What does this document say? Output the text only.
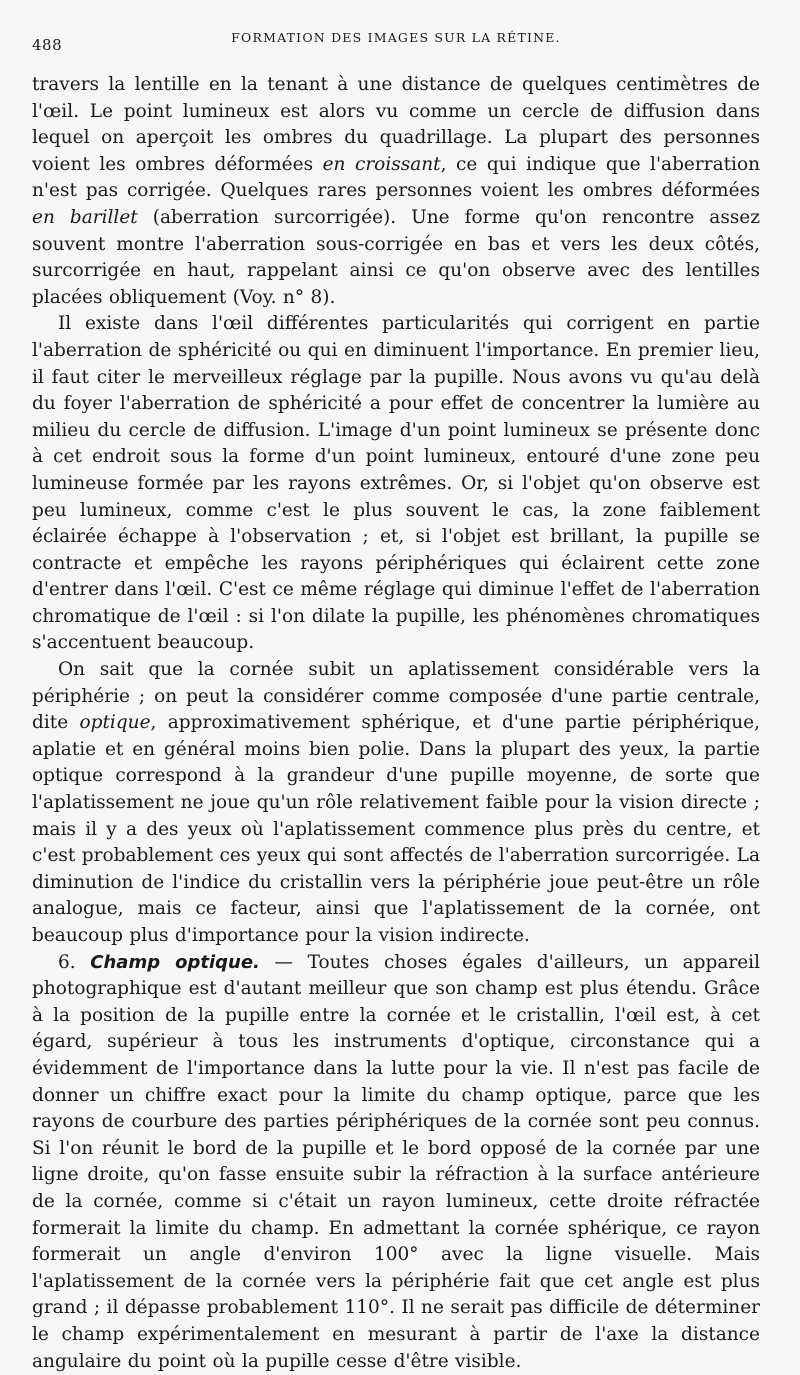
488	FORMATION DES IMAGES SUR LA RÉTINE.

travers la lentille en la tenant à une distance de quelques centimètres de l'œil. Le point lumineux est alors vu comme un cercle de diffusion dans lequel on aperçoit les ombres du quadrillage. La plupart des personnes voient les ombres déformées en croissant, ce qui indique que l'aberration n'est pas corrigée. Quelques rares personnes voient les ombres déformées en barillet (aberration surcorrigée). Une forme qu'on rencontre assez souvent montre l'aberration sous-corrigée en bas et vers les deux côtés, surcorrigée en haut, rappelant ainsi ce qu'on observe avec des lentilles placées obliquement (Voy. n° 8).

Il existe dans l'œil différentes particularités qui corrigent en partie l'aberration de sphéricité ou qui en diminuent l'importance. En premier lieu, il faut citer le merveilleux réglage par la pupille. Nous avons vu qu'au delà du foyer l'aberration de sphéricité a pour effet de concentrer la lumière au milieu du cercle de diffusion. L'image d'un point lumineux se présente donc à cet endroit sous la forme d'un point lumineux, entouré d'une zone peu lumineuse formée par les rayons extrêmes. Or, si l'objet qu'on observe est peu lumineux, comme c'est le plus souvent le cas, la zone faiblement éclairée échappe à l'observation ; et, si l'objet est brillant, la pupille se contracte et empêche les rayons périphériques qui éclairent cette zone d'entrer dans l'œil. C'est ce même réglage qui diminue l'effet de l'aberration chromatique de l'œil : si l'on dilate la pupille, les phénomènes chromatiques s'accentuent beaucoup.

On sait que la cornée subit un aplatissement considérable vers la périphérie ; on peut la considérer comme composée d'une partie centrale, dite optique, approximativement sphérique, et d'une partie périphérique, aplatie et en général moins bien polie. Dans la plupart des yeux, la partie optique correspond à la grandeur d'une pupille moyenne, de sorte que l'aplatissement ne joue qu'un rôle relativement faible pour la vision directe ; mais il y a des yeux où l'aplatissement commence plus près du centre, et c'est probablement ces yeux qui sont affectés de l'aberration surcorrigée. La diminution de l'indice du cristallin vers la périphérie joue peut-être un rôle analogue, mais ce facteur, ainsi que l'aplatissement de la cornée, ont beaucoup plus d'importance pour la vision indirecte.

6. Champ optique. — Toutes choses égales d'ailleurs, un appareil photographique est d'autant meilleur que son champ est plus étendu. Grâce à la position de la pupille entre la cornée et le cristallin, l'œil est, à cet égard, supérieur à tous les instruments d'optique, circonstance qui a évidemment de l'importance dans la lutte pour la vie. Il n'est pas facile de donner un chiffre exact pour la limite du champ optique, parce que les rayons de courbure des parties périphériques de la cornée sont peu connus. Si l'on réunit le bord de la pupille et le bord opposé de la cornée par une ligne droite, qu'on fasse ensuite subir la réfraction à la surface antérieure de la cornée, comme si c'était un rayon lumineux, cette droite réfractée formerait la limite du champ. En admettant la cornée sphérique, ce rayon formerait un angle d'environ 100° avec la ligne visuelle. Mais l'aplatissement de la cornée vers la périphérie fait que cet angle est plus grand ; il dépasse probablement 110°. Il ne serait pas difficile de déterminer le champ expérimentalement en mesurant à partir de l'axe la distance angulaire du point où la pupille cesse d'être visible.
